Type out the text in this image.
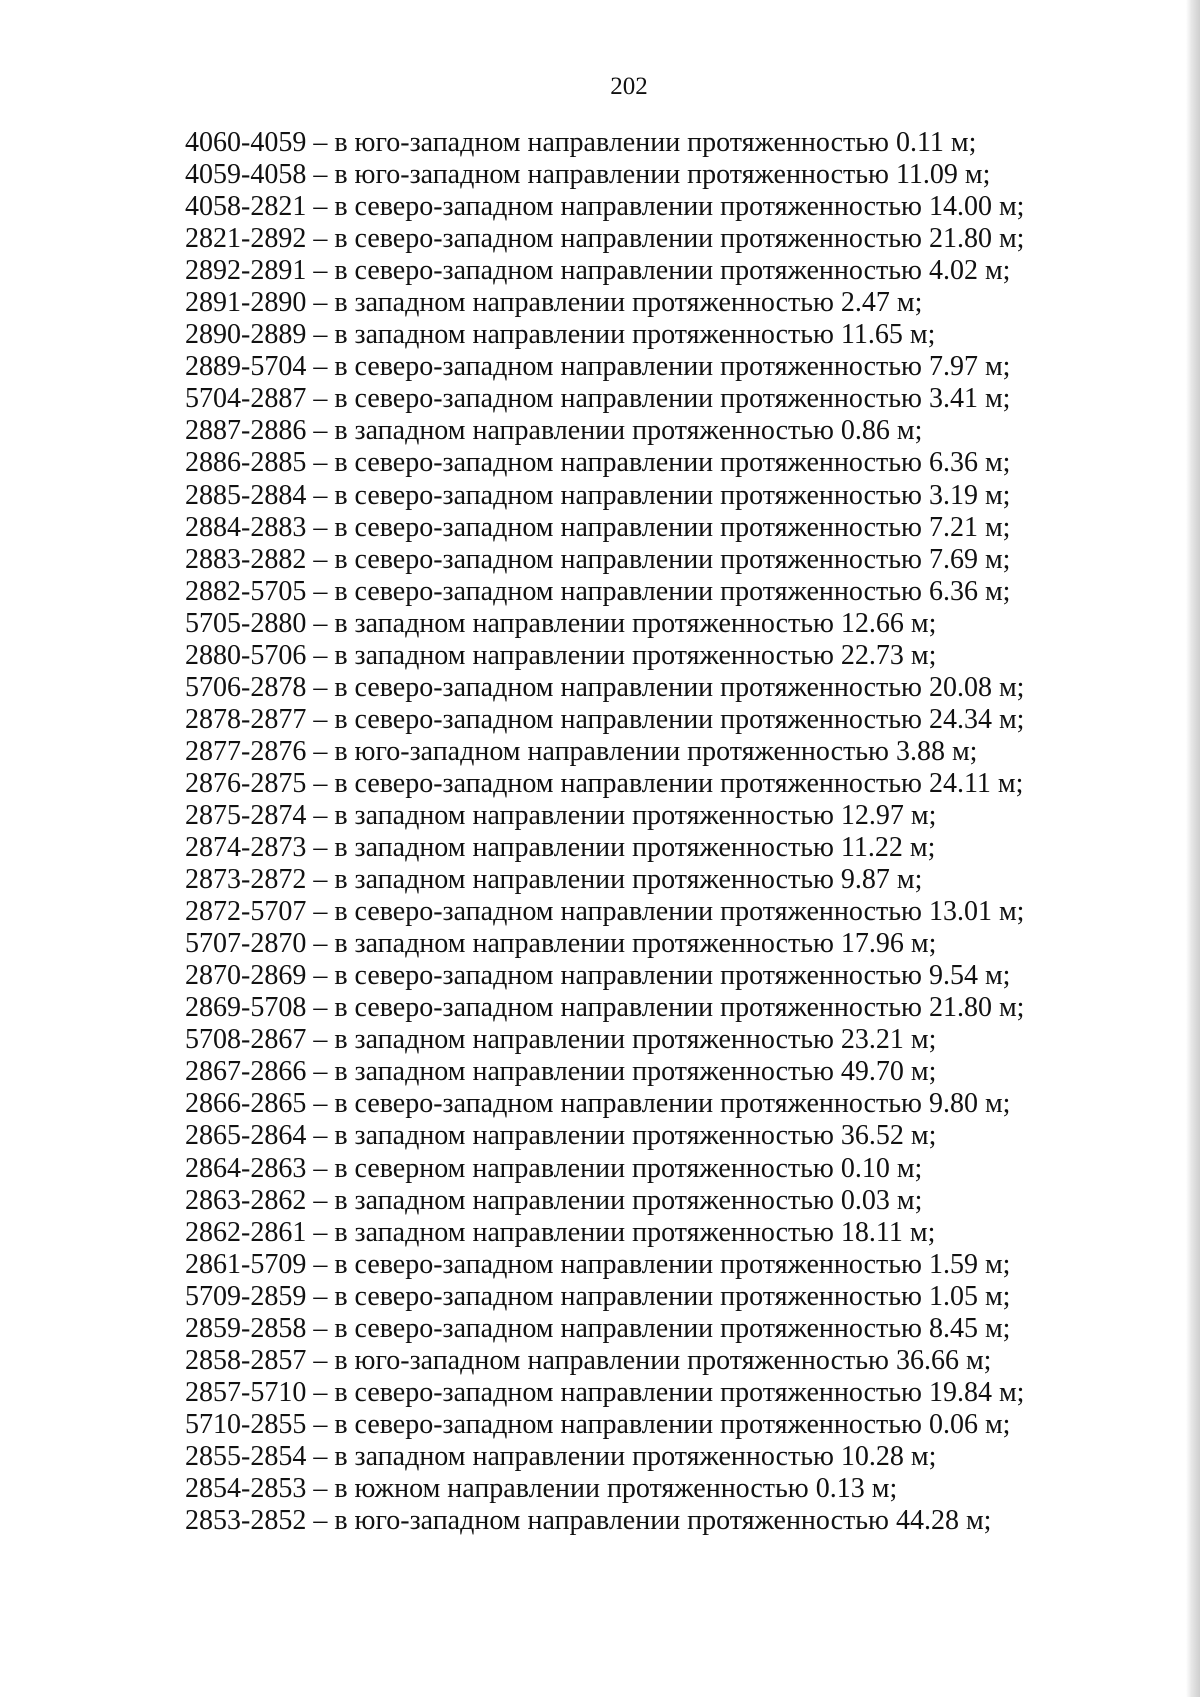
202
4060-4059 – в юго-западном направлении протяженностью 0.11 м;
4059-4058 – в юго-западном направлении протяженностью 11.09 м;
4058-2821 – в северо-западном направлении протяженностью 14.00 м;
2821-2892 – в северо-западном направлении протяженностью 21.80 м;
2892-2891 – в северо-западном направлении протяженностью 4.02 м;
2891-2890 – в западном направлении протяженностью 2.47 м;
2890-2889 – в западном направлении протяженностью 11.65 м;
2889-5704 – в северо-западном направлении протяженностью 7.97 м;
5704-2887 – в северо-западном направлении протяженностью 3.41 м;
2887-2886 – в западном направлении протяженностью 0.86 м;
2886-2885 – в северо-западном направлении протяженностью 6.36 м;
2885-2884 – в северо-западном направлении протяженностью 3.19 м;
2884-2883 – в северо-западном направлении протяженностью 7.21 м;
2883-2882 – в северо-западном направлении протяженностью 7.69 м;
2882-5705 – в северо-западном направлении протяженностью 6.36 м;
5705-2880 – в западном направлении протяженностью 12.66 м;
2880-5706 – в западном направлении протяженностью 22.73 м;
5706-2878 – в северо-западном направлении протяженностью 20.08 м;
2878-2877 – в северо-западном направлении протяженностью 24.34 м;
2877-2876 – в юго-западном направлении протяженностью 3.88 м;
2876-2875 – в северо-западном направлении протяженностью 24.11 м;
2875-2874 – в западном направлении протяженностью 12.97 м;
2874-2873 – в западном направлении протяженностью 11.22 м;
2873-2872 – в западном направлении протяженностью 9.87 м;
2872-5707 – в северо-западном направлении протяженностью 13.01 м;
5707-2870 – в западном направлении протяженностью 17.96 м;
2870-2869 – в северо-западном направлении протяженностью 9.54 м;
2869-5708 – в северо-западном направлении протяженностью 21.80 м;
5708-2867 – в западном направлении протяженностью 23.21 м;
2867-2866 – в западном направлении протяженностью 49.70 м;
2866-2865 – в северо-западном направлении протяженностью 9.80 м;
2865-2864 – в западном направлении протяженностью 36.52 м;
2864-2863 – в северном направлении протяженностью 0.10 м;
2863-2862 – в западном направлении протяженностью 0.03 м;
2862-2861 – в западном направлении протяженностью 18.11 м;
2861-5709 – в северо-западном направлении протяженностью 1.59 м;
5709-2859 – в северо-западном направлении протяженностью 1.05 м;
2859-2858 – в северо-западном направлении протяженностью 8.45 м;
2858-2857 – в юго-западном направлении протяженностью 36.66 м;
2857-5710 – в северо-западном направлении протяженностью 19.84 м;
5710-2855 – в северо-западном направлении протяженностью 0.06 м;
2855-2854 – в западном направлении протяженностью 10.28 м;
2854-2853 – в южном направлении протяженностью 0.13 м;
2853-2852 – в юго-западном направлении протяженностью 44.28 м;
